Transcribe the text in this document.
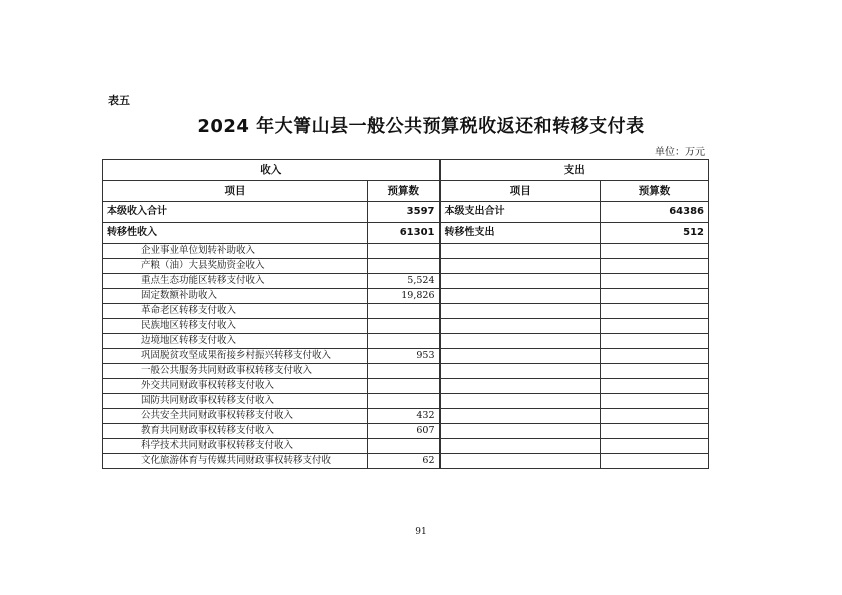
表五
2024 年大箐山县一般公共预算税收返还和转移支付表
单位：万元
收入		支出	
项目	预算数	项目	预算数
本级收入合计	3597	本级支出合计	64386
转移性收入	61301	转移性支出	512
企业事业单位划转补助收入			
产粮（油）大县奖励资金收入			
重点生态功能区转移支付收入	5,524		
固定数额补助收入	19,826		
革命老区转移支付收入			
民族地区转移支付收入			
边境地区转移支付收入			
巩固脱贫攻坚成果衔接乡村振兴转移支付收入	953		
一般公共服务共同财政事权转移支付收入			
外交共同财政事权转移支付收入			
国防共同财政事权转移支付收入			
公共安全共同财政事权转移支付收入	432		
教育共同财政事权转移支付收入	607		
科学技术共同财政事权转移支付收入			
文化旅游体育与传媒共同财政事权转移支付收	62		
91
